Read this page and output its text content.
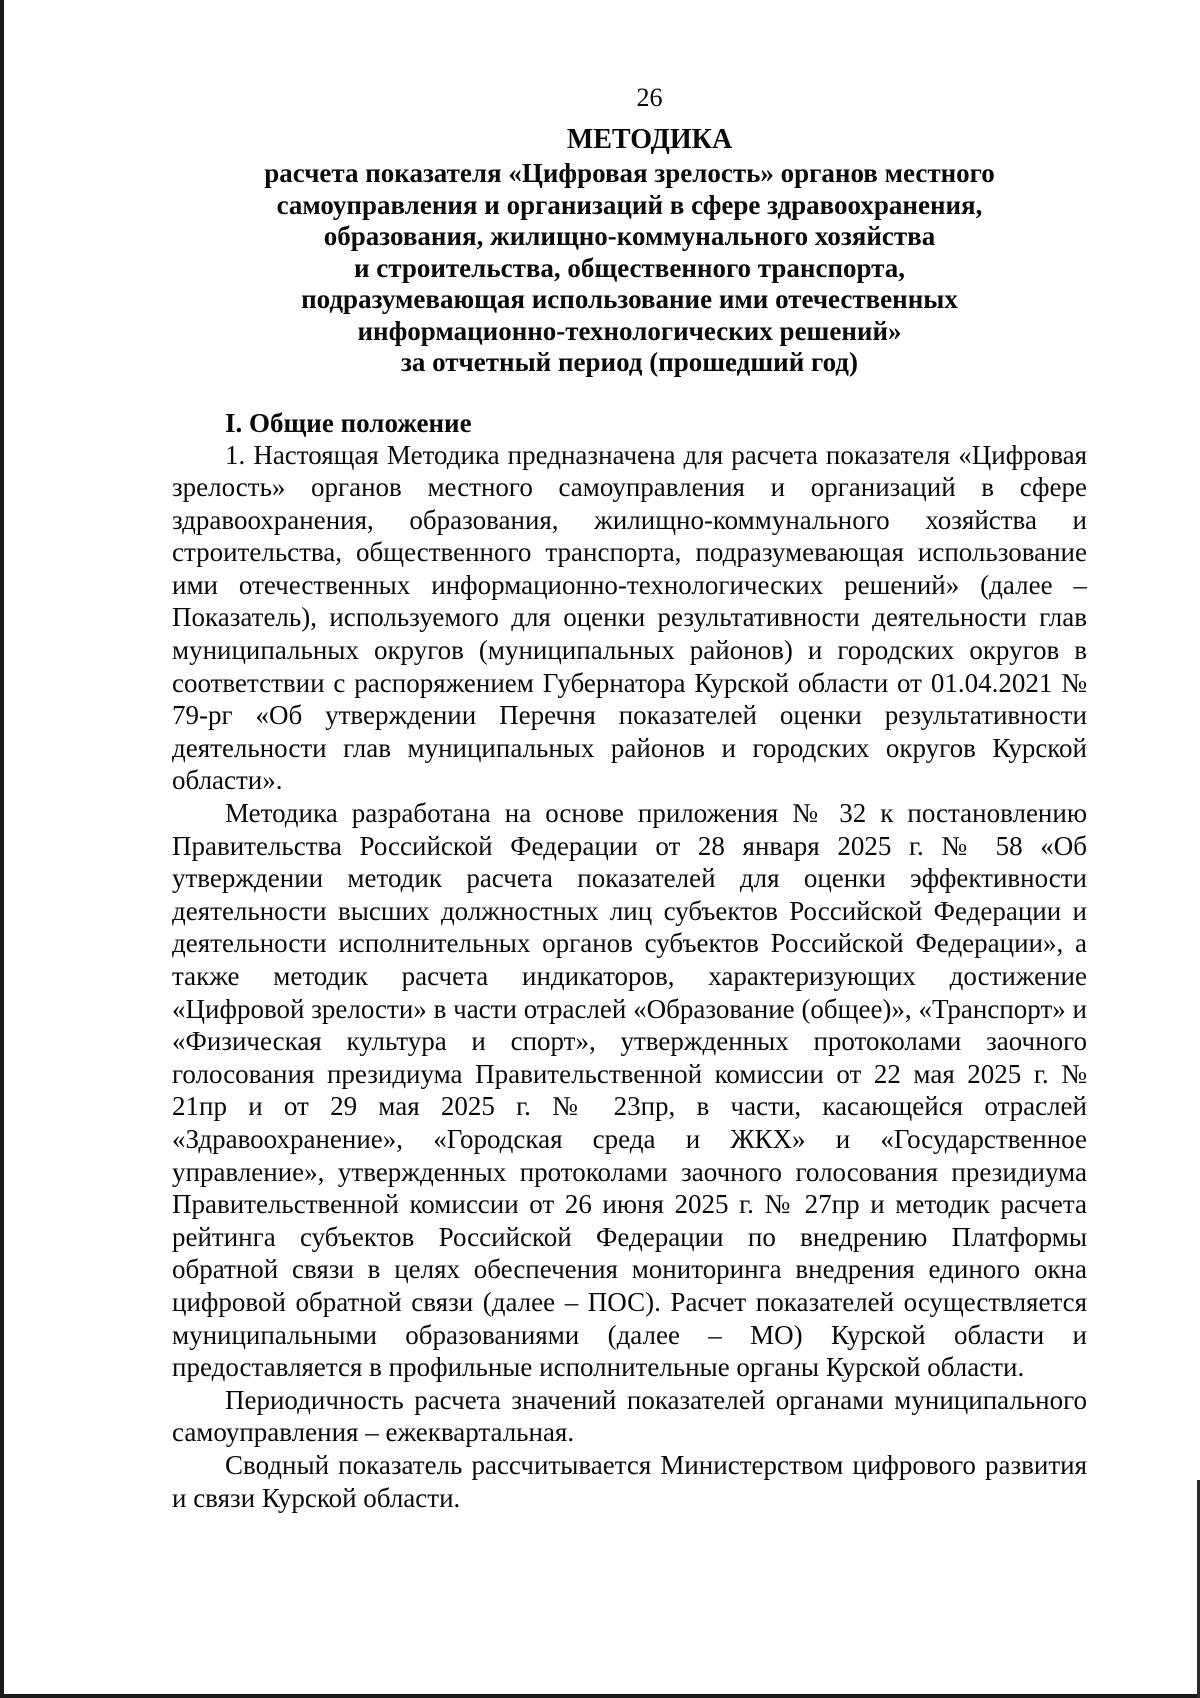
26
МЕТОДИКА
расчета показателя «Цифровая зрелость» органов местного
самоуправления и организаций в сфере здравоохранения,
образования, жилищно-коммунального хозяйства
и строительства, общественного транспорта,
подразумевающая использование ими отечественных
информационно-технологических решений»
за отчетный период (прошедший год)
I. Общие положение

1. Настоящая Методика предназначена для расчета показателя «Цифровая зрелость» органов местного самоуправления и организаций в сфере здравоохранения, образования, жилищно-коммунального хозяйства и строительства, общественного транспорта, подразумевающая использование ими отечественных информационно-технологических решений» (далее – Показатель), используемого для оценки результативности деятельности глав муниципальных округов (муниципальных районов) и городских округов в соответствии с распоряжением Губернатора Курской области от 01.04.2021 № 79-рг «Об утверждении Перечня показателей оценки результативности деятельности глав муниципальных районов и городских округов Курской области».

Методика разработана на основе приложения № 32 к постановлению Правительства Российской Федерации от 28 января 2025 г. № 58 «Об утверждении методик расчета показателей для оценки эффективности деятельности высших должностных лиц субъектов Российской Федерации и деятельности исполнительных органов субъектов Российской Федерации», а также методик расчета индикаторов, характеризующих достижение «Цифровой зрелости» в части отраслей «Образование (общее)», «Транспорт» и «Физическая культура и спорт», утвержденных протоколами заочного голосования президиума Правительственной комиссии от 22 мая 2025 г. № 21пр и от 29 мая 2025 г. № 23пр, в части, касающейся отраслей «Здравоохранение», «Городская среда и ЖКХ» и «Государственное управление», утвержденных протоколами заочного голосования президиума Правительственной комиссии от 26 июня 2025 г. № 27пр и методик расчета рейтинга субъектов Российской Федерации по внедрению Платформы обратной связи в целях обеспечения мониторинга внедрения единого окна цифровой обратной связи (далее – ПОС). Расчет показателей осуществляется муниципальными образованиями (далее – МО) Курской области и предоставляется в профильные исполнительные органы Курской области.

Периодичность расчета значений показателей органами муниципального самоуправления – ежеквартальная.

Сводный показатель рассчитывается Министерством цифрового развития и связи Курской области.
